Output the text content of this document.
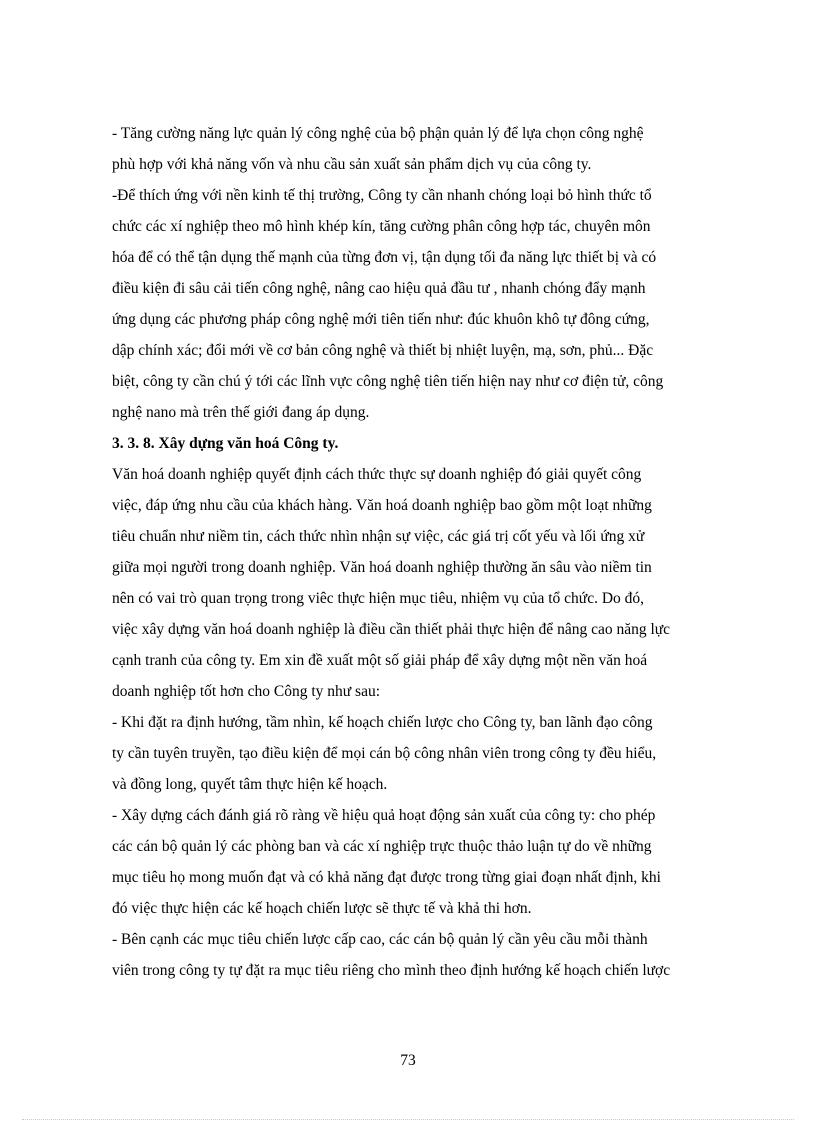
- Tăng cường năng lực quản lý công nghệ của bộ phận quản lý để lựa chọn công nghệ
phù hợp với khả năng vốn và nhu cầu sản xuất sản phẩm dịch vụ của công ty.
-Để thích ứng với nền kinh tế thị trường, Công ty cần nhanh chóng loại bỏ hình thức tổ
chức các xí nghiệp theo mô hình khép kín, tăng cường phân công hợp tác, chuyên môn
hóa để có thể tận dụng thế mạnh của từng đơn vị, tận dụng tối đa năng lực thiết bị và có
điều kiện đi sâu cải tiến công nghệ, nâng cao hiệu quả đầu tư , nhanh chóng đẩy mạnh
ứng dụng các phương pháp công nghệ mới tiên tiến như: đúc khuôn khô tự đông cứng,
dập chính xác; đổi mới về cơ bản công nghệ và thiết bị nhiệt luyện, mạ, sơn, phủ... Đặc
biệt, công ty cần chú ý tới các lĩnh vực công nghệ tiên tiến hiện nay như cơ điện tử, công
nghệ nano mà trên thế giới đang áp dụng.
3. 3. 8. Xây dựng văn hoá Công ty.
Văn hoá doanh nghiệp quyết định cách thức thực sự doanh nghiệp đó giải quyết công
việc, đáp ứng nhu cầu của khách hàng. Văn hoá doanh nghiệp bao gồm một loạt những
tiêu chuẩn như niềm tin, cách thức nhìn nhận sự việc, các giá trị cốt yếu và lối ứng xử
giữa mọi người trong doanh nghiệp. Văn hoá doanh nghiệp thường ăn sâu vào niềm tin
nên có vai trò quan trọng trong viêc thực hiện mục tiêu, nhiệm vụ của tổ chức. Do đó,
việc xây dựng văn hoá doanh nghiệp là điều cần thiết phải thực hiện để nâng cao năng lực
cạnh tranh của công ty. Em xin đề xuất một số giải pháp để xây dựng một nền văn hoá
doanh nghiệp tốt hơn cho Công ty như sau:
- Khi đặt ra định hướng, tầm nhìn, kế hoạch chiến lược cho Công ty, ban lãnh đạo công
ty cần tuyên truyền, tạo điều kiện để mọi cán bộ công nhân viên trong công ty đều hiểu,
và đồng long, quyết tâm thực hiện kế hoạch.
- Xây dựng cách đánh giá rõ ràng về hiệu quả hoạt động sản xuất của công ty: cho phép
các cán bộ quản lý các phòng ban và các xí nghiệp trực thuộc thảo luận tự do về những
mục tiêu họ mong muốn đạt và có khả năng đạt được trong từng giai đoạn nhất định, khi
đó việc thực hiện các kế hoạch chiến lược sẽ thực tế và khả thi hơn.
- Bên cạnh các mục tiêu chiến lược cấp cao, các cán bộ quản lý cần yêu cầu mỗi thành
viên trong công ty tự đặt ra mục tiêu riêng cho mình theo định hướng kế hoạch chiến lược
73
